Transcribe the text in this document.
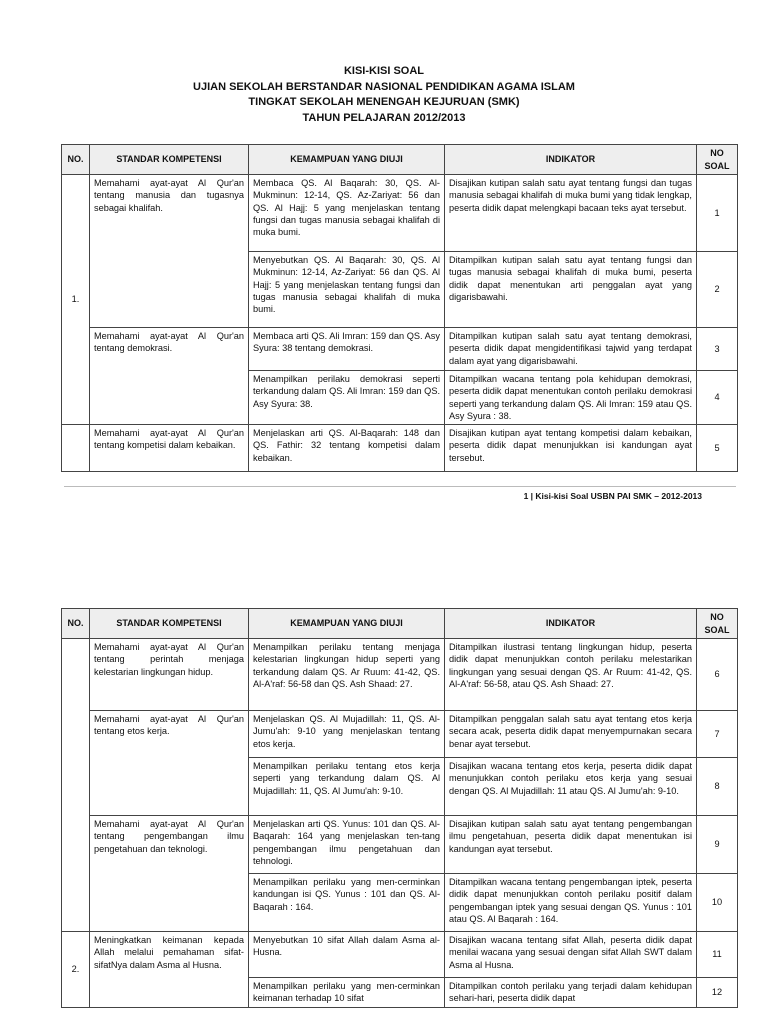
KISI-KISI SOAL
UJIAN SEKOLAH BERSTANDAR NASIONAL PENDIDIKAN AGAMA ISLAM
TINGKAT SEKOLAH MENENGAH KEJURUAN (SMK)
TAHUN PELAJARAN 2012/2013
NO.	STANDAR KOMPETENSI	KEMAMPUAN YANG DIUJI	INDIKATOR	NO SOAL
1.	Memahami ayat-ayat Al Qur'an tentang manusia dan tugasnya sebagai khalifah.	Membaca QS. Al Baqarah: 30, QS. Al-Mukminun: 12-14, QS. Az-Zariyat: 56 dan QS. Al Hajj: 5 yang menjelaskan tentang fungsi dan tugas manusia sebagai khalifah di muka bumi.	Disajikan kutipan salah satu ayat tentang fungsi dan tugas manusia sebagai khalifah di muka bumi yang tidak lengkap, peserta didik dapat melengkapi bacaan teks ayat tersebut.	1
		Menyebutkan QS. Al Baqarah: 30, QS. Al Mukminun: 12-14, Az-Zariyat: 56 dan QS. Al Hajj: 5 yang menjelaskan tentang fungsi dan tugas manusia sebagai khalifah di muka bumi.	Ditampilkan kutipan salah satu ayat tentang fungsi dan tugas manusia sebagai khalifah di muka bumi, peserta didik dapat menentukan arti penggalan ayat yang digarisbawahi.	2
	Memahami ayat-ayat Al Qur'an tentang demokrasi.	Membaca arti QS. Ali Imran: 159 dan QS. Asy Syura: 38 tentang demokrasi.	Ditampilkan kutipan salah satu ayat tentang demokrasi, peserta didik dapat mengidentifikasi tajwid yang terdapat dalam ayat yang digarisbawahi.	3
		Menampilkan perilaku demokrasi seperti terkandung dalam QS. Ali Imran: 159 dan QS. Asy Syura: 38.	Ditampilkan wacana tentang pola kehidupan demokrasi, peserta didik dapat menentukan contoh perilaku demokrasi seperti yang terkandung dalam QS. Ali Imran: 159 atau QS. Asy Syura : 38.	4
	Memahami ayat-ayat Al Qur'an tentang kompetisi dalam kebaikan.	Menjelaskan arti QS. Al-Baqarah: 148 dan QS. Fathir: 32 tentang kompetisi dalam kebaikan.	Disajikan kutipan ayat tentang kompetisi dalam kebaikan, peserta didik dapat menunjukkan isi kandungan ayat tersebut.	5
1 | Kisi-kisi Soal USBN PAI SMK – 2012-2013
NO.	STANDAR KOMPETENSI	KEMAMPUAN YANG DIUJI	INDIKATOR	NO SOAL
	Memahami ayat-ayat Al Qur'an tentang perintah menjaga kelestarian lingkungan hidup.	Menampilkan perilaku tentang menjaga kelestarian lingkungan hidup seperti yang terkandung dalam QS. Ar Ruum: 41-42, QS. Al-A'raf: 56-58 dan QS. Ash Shaad: 27.	Ditampilkan ilustrasi tentang lingkungan hidup, peserta didik dapat menunjukkan contoh perilaku melestarikan lingkungan yang sesuai dengan QS. Ar Ruum: 41-42, QS. Al-A'raf: 56-58, atau QS. Ash Shaad: 27.	6
	Memahami ayat-ayat Al Qur'an tentang etos kerja.	Menjelaskan QS. Al Mujadillah: 11, QS. Al-Jumu'ah: 9-10 yang menjelaskan tentang etos kerja.	Ditampilkan penggalan salah satu ayat tentang etos kerja secara acak, peserta didik dapat menyempurnakan secara benar ayat tersebut.	7
		Menampilkan perilaku tentang etos kerja seperti yang terkandung dalam QS. Al Mujadillah: 11, QS. Al Jumu'ah: 9-10.	Disajikan wacana tentang etos kerja, peserta didik dapat menunjukkan contoh perilaku etos kerja yang sesuai dengan QS. Al Mujadillah: 11 atau QS. Al Jumu'ah: 9-10.	8
	Memahami ayat-ayat Al Qur'an tentang pengembangan ilmu pengetahuan dan teknologi.	Menjelaskan arti QS. Yunus: 101 dan QS. Al-Baqarah: 164 yang menjelaskan ten-tang pengembangan ilmu pengetahuan dan tehnologi.	Disajikan kutipan salah satu ayat tentang pengembangan ilmu pengetahuan, peserta didik dapat menentukan isi kandungan ayat tersebut.	9
		Menampilkan perilaku yang men-cerminkan kandungan isi QS. Yunus : 101 dan QS. Al-Baqarah : 164.	Ditampilkan wacana tentang pengembangan iptek, peserta didik dapat menunjukkan contoh perilaku positif dalam pengembangan iptek yang sesuai dengan QS. Yunus : 101 atau QS. Al Baqarah : 164.	10
2.	Meningkatkan keimanan kepada Allah melalui pemahaman sifat-sifatNya dalam Asma al Husna.	Menyebutkan 10 sifat Allah dalam Asma al-Husna.	Disajikan wacana tentang sifat Allah, peserta didik dapat menilai wacana yang sesuai dengan sifat Allah SWT dalam Asma al Husna.	11
		Menampilkan perilaku yang men-cerminkan keimanan terhadap 10 sifat	Ditampilkan contoh perilaku yang terjadi dalam kehidupan sehari-hari, peserta didik dapat	12
